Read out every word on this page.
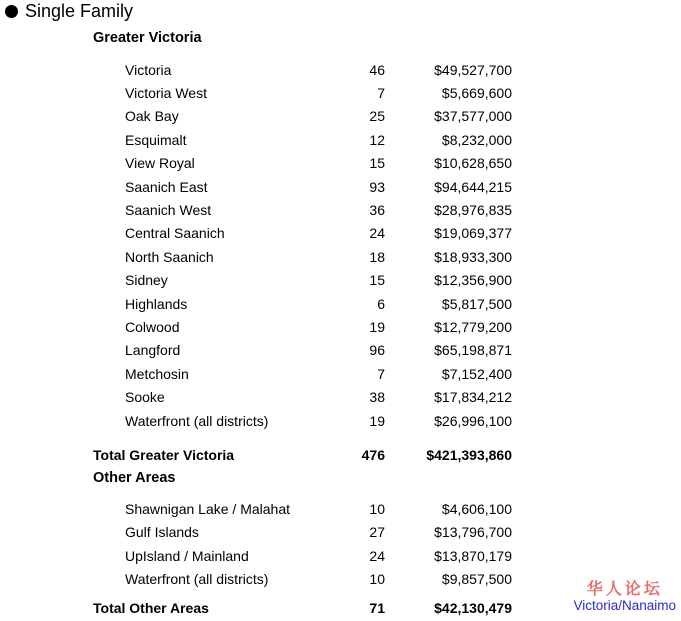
Single Family
Greater Victoria
Victoria	46	$49,527,700
Victoria West	7	$5,669,600
Oak Bay	25	$37,577,000
Esquimalt	12	$8,232,000
View Royal	15	$10,628,650
Saanich East	93	$94,644,215
Saanich West	36	$28,976,835
Central Saanich	24	$19,069,377
North Saanich	18	$18,933,300
Sidney	15	$12,356,900
Highlands	6	$5,817,500
Colwood	19	$12,779,200
Langford	96	$65,198,871
Metchosin	7	$7,152,400
Sooke	38	$17,834,212
Waterfront (all districts)	19	$26,996,100
Total Greater Victoria	476	$421,393,860
Other Areas
Shawnigan Lake / Malahat	10	$4,606,100
Gulf Islands	27	$13,796,700
UpIsland / Mainland	24	$13,870,179
Waterfront (all districts)	10	$9,857,500
Total Other Areas	71	$42,130,479
华人论坛
Victoria/Nanaimo
